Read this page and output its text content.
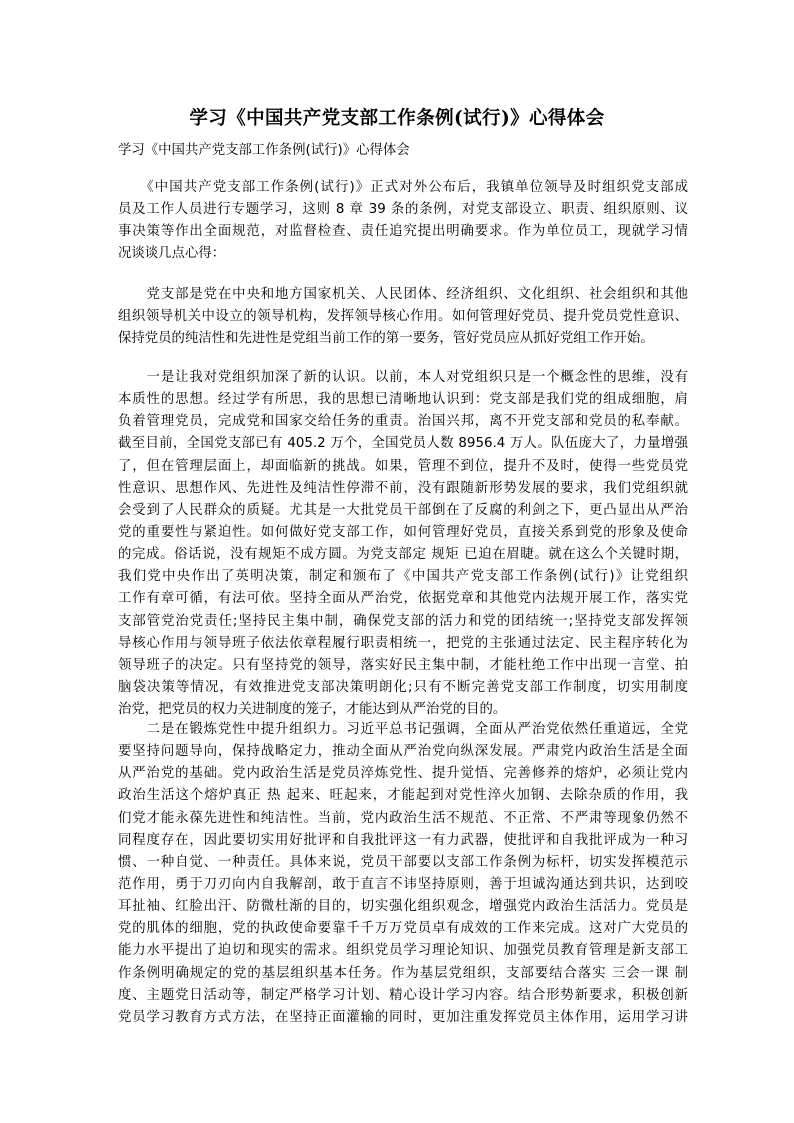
学习《中国共产党支部工作条例(试行)》心得体会
学习《中国共产党支部工作条例(试行)》心得体会
　　《中国共产党支部工作条例(试行)》正式对外公布后，我镇单位领导及时组织党支部成
员及工作人员进行专题学习，这则 8 章 39 条的条例，对党支部设立、职责、组织原则、议
事决策等作出全面规范，对监督检查、责任追究提出明确要求。作为单位员工，现就学习情
况谈谈几点心得：
　　党支部是党在中央和地方国家机关、人民团体、经济组织、文化组织、社会组织和其他
组织领导机关中设立的领导机构，发挥领导核心作用。如何管理好党员、提升党员党性意识、
保持党员的纯洁性和先进性是党组当前工作的第一要务，管好党员应从抓好党组工作开始。
　　一是让我对党组织加深了新的认识。以前，本人对党组织只是一个概念性的思维，没有
本质性的思想。经过学有所思，我的思想已清晰地认识到：党支部是我们党的组成细胞，肩
负着管理党员，完成党和国家交给任务的重责。治国兴邦，离不开党支部和党员的私奉献。
截至目前，全国党支部已有 405.2 万个，全国党员人数 8956.4 万人。队伍庞大了，力量增强
了，但在管理层面上，却面临新的挑战。如果，管理不到位，提升不及时，使得一些党员党
性意识、思想作风、先进性及纯洁性停滞不前，没有跟随新形势发展的要求，我们党组织就
会受到了人民群众的质疑。尤其是一大批党员干部倒在了反腐的利剑之下，更凸显出从严治
党的重要性与紧迫性。如何做好党支部工作，如何管理好党员，直接关系到党的形象及使命
的完成。俗话说，没有规矩不成方圆。为党支部定 规矩 已迫在眉睫。就在这么个关键时期，
我们党中央作出了英明决策，制定和颁布了《中国共产党支部工作条例(试行)》让党组织
工作有章可循，有法可依。坚持全面从严治党，依据党章和其他党内法规开展工作，落实党
支部管党治党责任;坚持民主集中制，确保党支部的活力和党的团结统一;坚持党支部发挥领
导核心作用与领导班子依法依章程履行职责相统一，把党的主张通过法定、民主程序转化为
领导班子的决定。只有坚持党的领导，落实好民主集中制，才能杜绝工作中出现一言堂、拍
脑袋决策等情况，有效推进党支部决策明朗化;只有不断完善党支部工作制度，切实用制度
治党，把党员的权力关进制度的笼子，才能达到从严治党的目的。
　　二是在锻炼党性中提升组织力。习近平总书记强调，全面从严治党依然任重道远，全党
要坚持问题导向，保持战略定力，推动全面从严治党向纵深发展。严肃党内政治生活是全面
从严治党的基础。党内政治生活是党员淬炼党性、提升觉悟、完善修养的熔炉，必须让党内
政治生活这个熔炉真正 热 起来、旺起来，才能起到对党性淬火加钢、去除杂质的作用，我
们党才能永葆先进性和纯洁性。当前，党内政治生活不规范、不正常、不严肃等现象仍然不
同程度存在，因此要切实用好批评和自我批评这一有力武器，使批评和自我批评成为一种习
惯、一种自觉、一种责任。具体来说，党员干部要以支部工作条例为标杆，切实发挥模范示
范作用，勇于刀刃向内自我解剖，敢于直言不讳坚持原则，善于坦诚沟通达到共识，达到咬
耳扯袖、红脸出汗、防微杜渐的目的，切实强化组织观念，增强党内政治生活活力。党员是
党的肌体的细胞，党的执政使命要靠千千万万党员卓有成效的工作来完成。这对广大党员的
能力水平提出了迫切和现实的需求。组织党员学习理论知识、加强党员教育管理是新支部工
作条例明确规定的党的基层组织基本任务。作为基层党组织，支部要结合落实 三会一课 制
度、主题党日活动等，制定严格学习计划、精心设计学习内容。结合形势新要求，积极创新
党员学习教育方式方法，在坚持正面灌输的同时，更加注重发挥党员主体作用，运用学习讲
